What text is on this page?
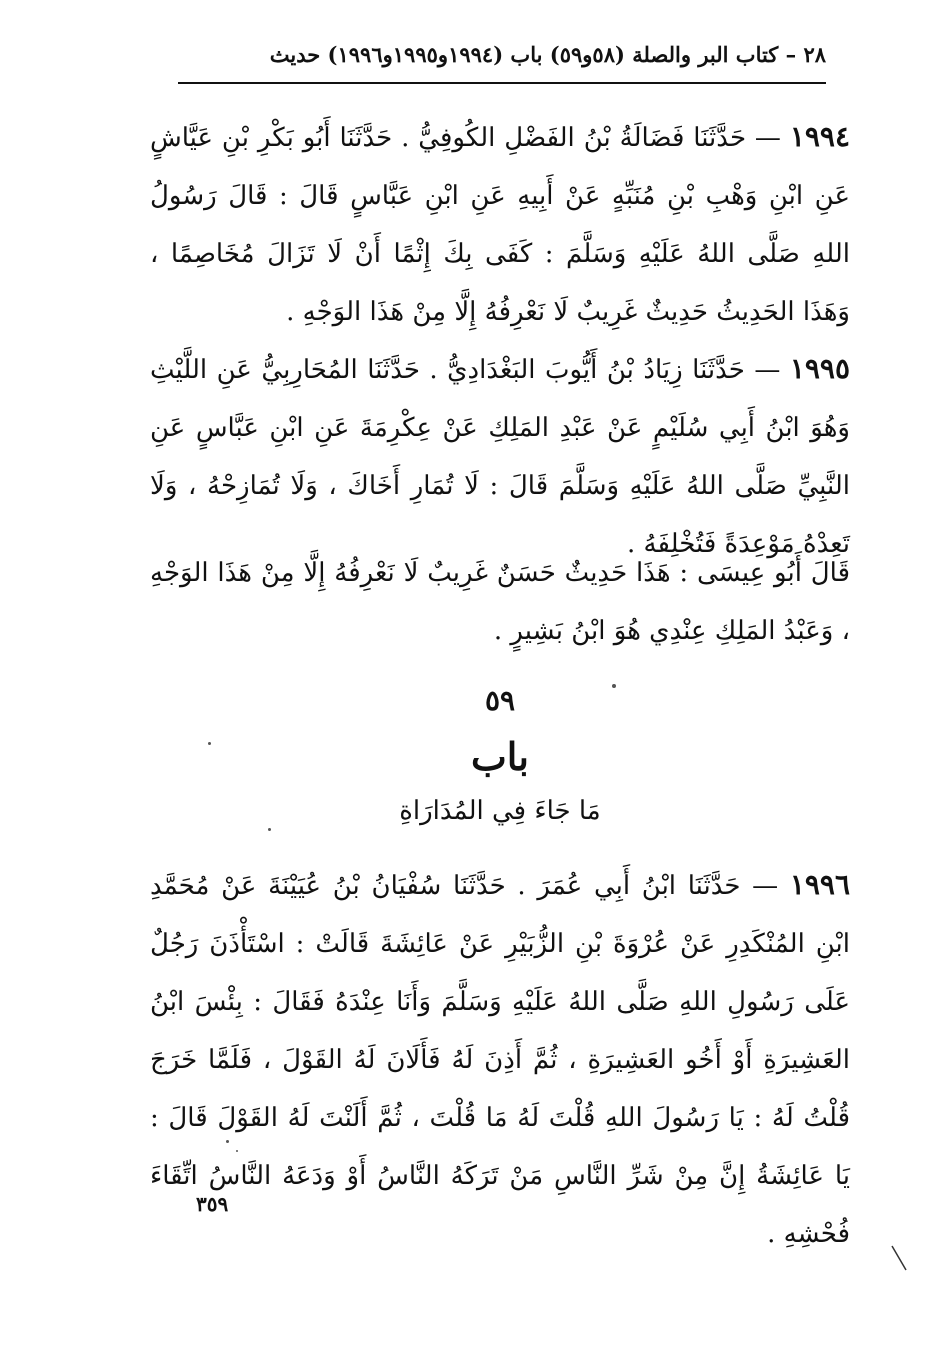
٢٨ – كتاب البر والصلة (٥٨و٥٩) باب (١٩٩٤و١٩٩٥و١٩٩٦) حديث

١٩٩٤ — حَدَّثَنَا فَضَالَةُ بْنُ الفَضْلِ الكُوفِيُّ . حَدَّثَنَا أَبُو بَكْرِ بْنِ عَيَّاشٍ عَنِ ابْنِ وَهْبِ بْنِ مُنَبِّهٍ عَنْ أَبِيهِ عَنِ ابْنِ عَبَّاسٍ قَالَ : قَالَ رَسُولُ اللهِ صَلَّى اللهُ عَلَيْهِ وَسَلَّمَ : كَفَى بِكَ إِثْمًا أَنْ لَا تَزَالَ مُخَاصِمًا ، وَهَذَا الحَدِيثُ حَدِيثٌ غَرِيبٌ لَا نَعْرِفُهُ إِلَّا مِنْ هَذَا الوَجْهِ .

١٩٩٥ — حَدَّثَنَا زِيَادُ بْنُ أَيُّوبَ البَغْدَادِيُّ . حَدَّثَنَا المُحَارِبِيُّ عَنِ اللَّيْثِ وَهُوَ ابْنُ أَبِي سُلَيْمٍ عَنْ عَبْدِ المَلِكِ عَنْ عِكْرِمَةَ عَنِ ابْنِ عَبَّاسٍ عَنِ النَّبِيِّ صَلَّى اللهُ عَلَيْهِ وَسَلَّمَ قَالَ : لَا تُمَارِ أَخَاكَ ، وَلَا تُمَازِحْهُ ، وَلَا تَعِدْهُ مَوْعِدَةً فَتُخْلِفَهُ .

قَالَ أَبُو عِيسَى : هَذَا حَدِيثٌ حَسَنٌ غَرِيبٌ لَا نَعْرِفُهُ إِلَّا مِنْ هَذَا الوَجْهِ ، وَعَبْدُ المَلِكِ عِنْدِي هُوَ ابْنُ بَشِيرٍ .

٥٩
باب
مَا جَاءَ فِي المُدَارَاةِ

١٩٩٦ — حَدَّثَنَا ابْنُ أَبِي عُمَرَ . حَدَّثَنَا سُفْيَانُ بْنُ عُيَيْنَةَ عَنْ مُحَمَّدِ ابْنِ المُنْكَدِرِ عَنْ عُرْوَةَ بْنِ الزُّبَيْرِ عَنْ عَائِشَةَ قَالَتْ : اسْتَأْذَنَ رَجُلٌ عَلَى رَسُولِ اللهِ صَلَّى اللهُ عَلَيْهِ وَسَلَّمَ وَأَنَا عِنْدَهُ فَقَالَ : بِئْسَ ابْنُ العَشِيرَةِ أَوْ أَخُو العَشِيرَةِ ، ثُمَّ أَذِنَ لَهُ فَأَلَانَ لَهُ القَوْلَ ، فَلَمَّا خَرَجَ قُلْتُ لَهُ : يَا رَسُولَ اللهِ قُلْتَ لَهُ مَا قُلْتَ ، ثُمَّ أَلَنْتَ لَهُ القَوْلَ قَالَ : يَا عَائِشَةُ إِنَّ مِنْ شَرِّ النَّاسِ مَنْ تَرَكَهُ النَّاسُ أَوْ وَدَعَهُ النَّاسُ اتِّقَاءَ فُحْشِهِ .

٣٥٩
